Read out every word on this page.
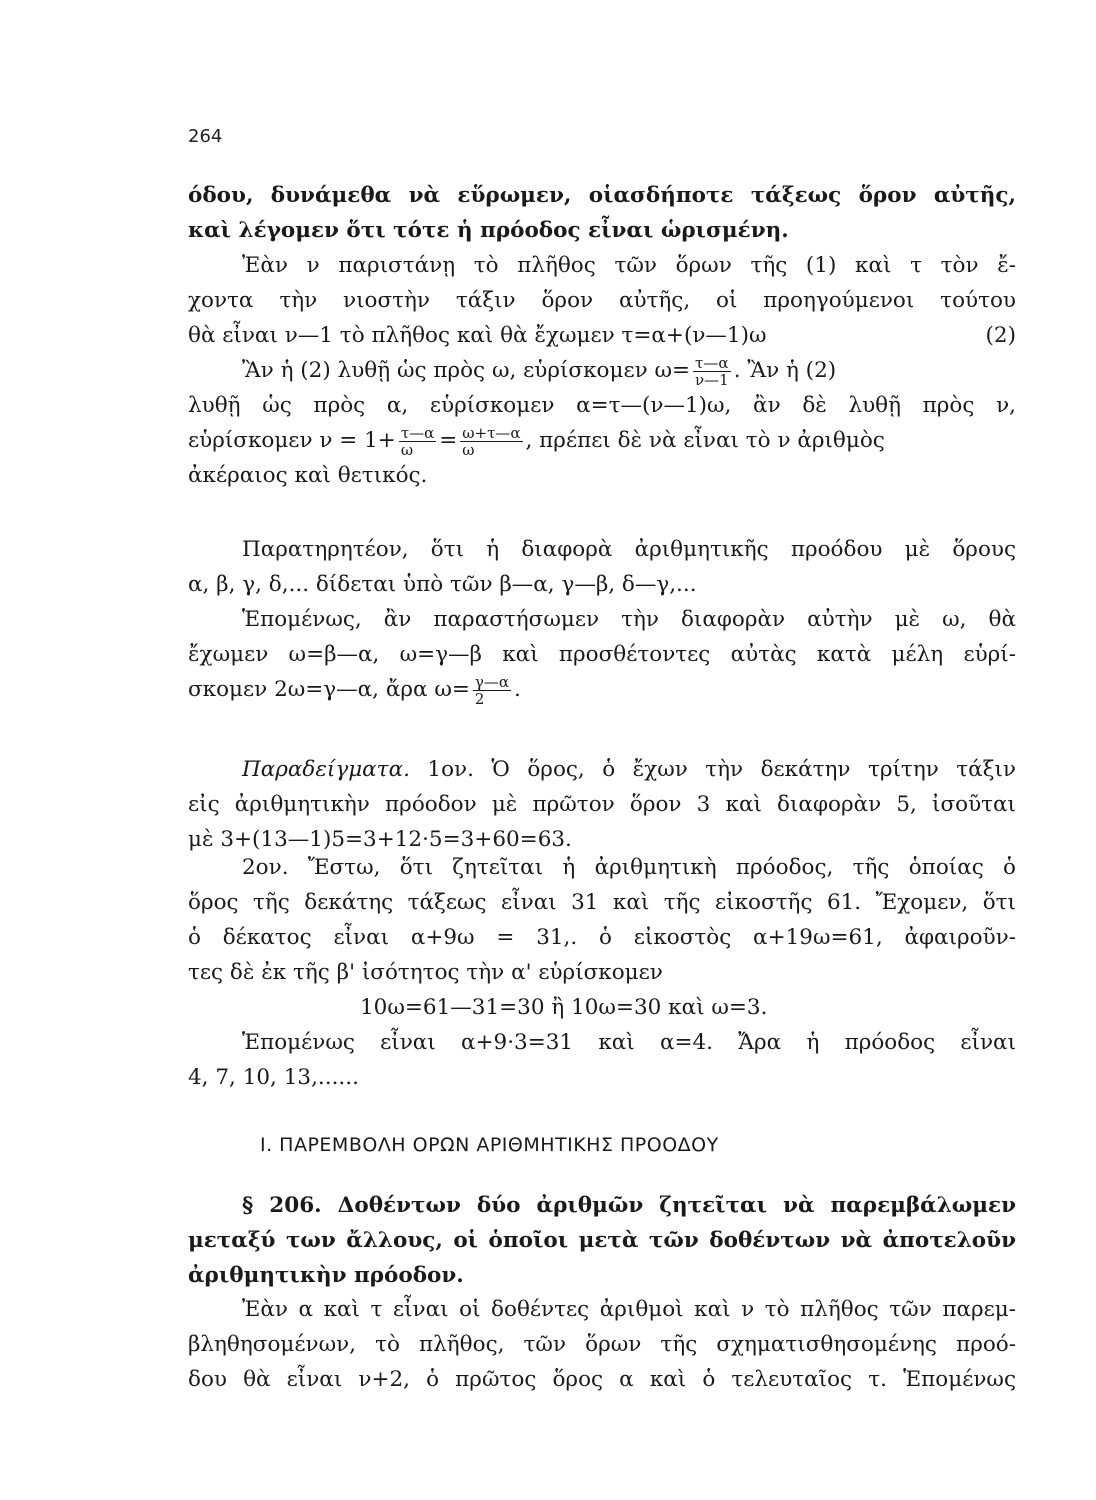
264
όδου, δυνάμεθα νὰ εὕρωμεν, οἱασδήποτε τάξεως ὅρον αὐτῆς,
καὶ λέγομεν ὅτι τότε ἡ πρόοδος εἶναι ὡρισμένη.
Ἐὰν ν παριστάνῃ τὸ πλῆθος τῶν ὅρων τῆς (1) καὶ τ τὸν ἔ-
χοντα τὴν νιοστὴν τάξιν ὅρον αὐτῆς, οἱ προηγούμενοι τούτου
θὰ εἶναι ν—1 τὸ πλῆθος καὶ θὰ ἔχωμεν τ=α+(ν—1)ω	(2)
Ἂν ἡ (2) λυθῇ ὡς πρὸς ω, εὑρίσκομεν $\omega= \frac{\tau—\alpha}{\nu—1}$ . Ἂν ἡ (2)
λυθῇ ὡς πρὸς α, εὑρίσκομεν α=τ—(ν—1)ω, ἂν δὲ λυθῇ πρὸς ν,
εὑρίσκομεν $\nu = 1+ \frac{\tau—\alpha}{\omega} = \frac{\omega+\tau—\alpha}{\omega}$ , πρέπει δὲ νὰ εἶναι τὸ ν ἀριθμὸς
ἀκέραιος καὶ θετικός.
Παρατηρητέον, ὅτι ἡ διαφορὰ ἀριθμητικῆς προόδου μὲ ὅρους
α, β, γ, δ,... δίδεται ὑπὸ τῶν β—α, γ—β, δ—γ,...
Ἑπομένως, ἂν παραστήσωμεν τὴν διαφορὰν αὐτὴν μὲ ω, θὰ
ἔχωμεν ω=β—α, ω=γ—β καὶ προσθέτοντες αὐτὰς κατὰ μέλη εὑρί-
σκομεν 2ω=γ—α, ἄρα $\omega= \frac{\gamma—\alpha}{2}$ .
Παραδείγματα. 1ον. Ὁ ὅρος, ὁ ἔχων τὴν δεκάτην τρίτην τάξιν
εἰς ἀριθμητικὴν πρόοδον μὲ πρῶτον ὅρον 3 καὶ διαφορὰν 5, ἰσοῦται
μὲ 3+(13—1)5=3+12·5=3+60=63.
2ον. Ἔστω, ὅτι ζητεῖται ἡ ἀριθμητικὴ πρόοδος, τῆς ὁποίας ὁ
ὅρος τῆς δεκάτης τάξεως εἶναι 31 καὶ τῆς εἰκοστῆς 61. Ἔχομεν, ὅτι
ὁ δέκατος εἶναι α+9ω = 31,. ὁ εἰκοστὸς α+19ω=61, ἀφαιροῦν-
τες δὲ ἐκ τῆς β' ἰσότητος τὴν α' εὑρίσκομεν
10ω=61—31=30 ἢ 10ω=30 καὶ ω=3.
Ἑπομένως εἶναι α+9·3=31 καὶ α=4. Ἄρα ἡ πρόοδος εἶναι
4, 7, 10, 13,......
Ι. ΠΑΡΕΜΒΟΛΗ ΟΡΩΝ ΑΡΙΘΜΗΤΙΚΗΣ ΠΡΟΟΔΟΥ
§ 206. Δοθέντων δύο ἀριθμῶν ζητεῖται νὰ παρεμβάλωμεν
μεταξύ των ἄλλους, οἱ ὁποῖοι μετὰ τῶν δοθέντων νὰ ἀποτελοῦν
ἀριθμητικὴν πρόοδον.
Ἐὰν α καὶ τ εἶναι οἱ δοθέντες ἀριθμοὶ καὶ ν τὸ πλῆθος τῶν παρεμ-
βληθησομένων, τὸ πλῆθος, τῶν ὅρων τῆς σχηματισθησομένης προό-
δου θὰ εἶναι ν+2, ὁ πρῶτος ὅρος α καὶ ὁ τελευταῖος τ. Ἑπομένως
